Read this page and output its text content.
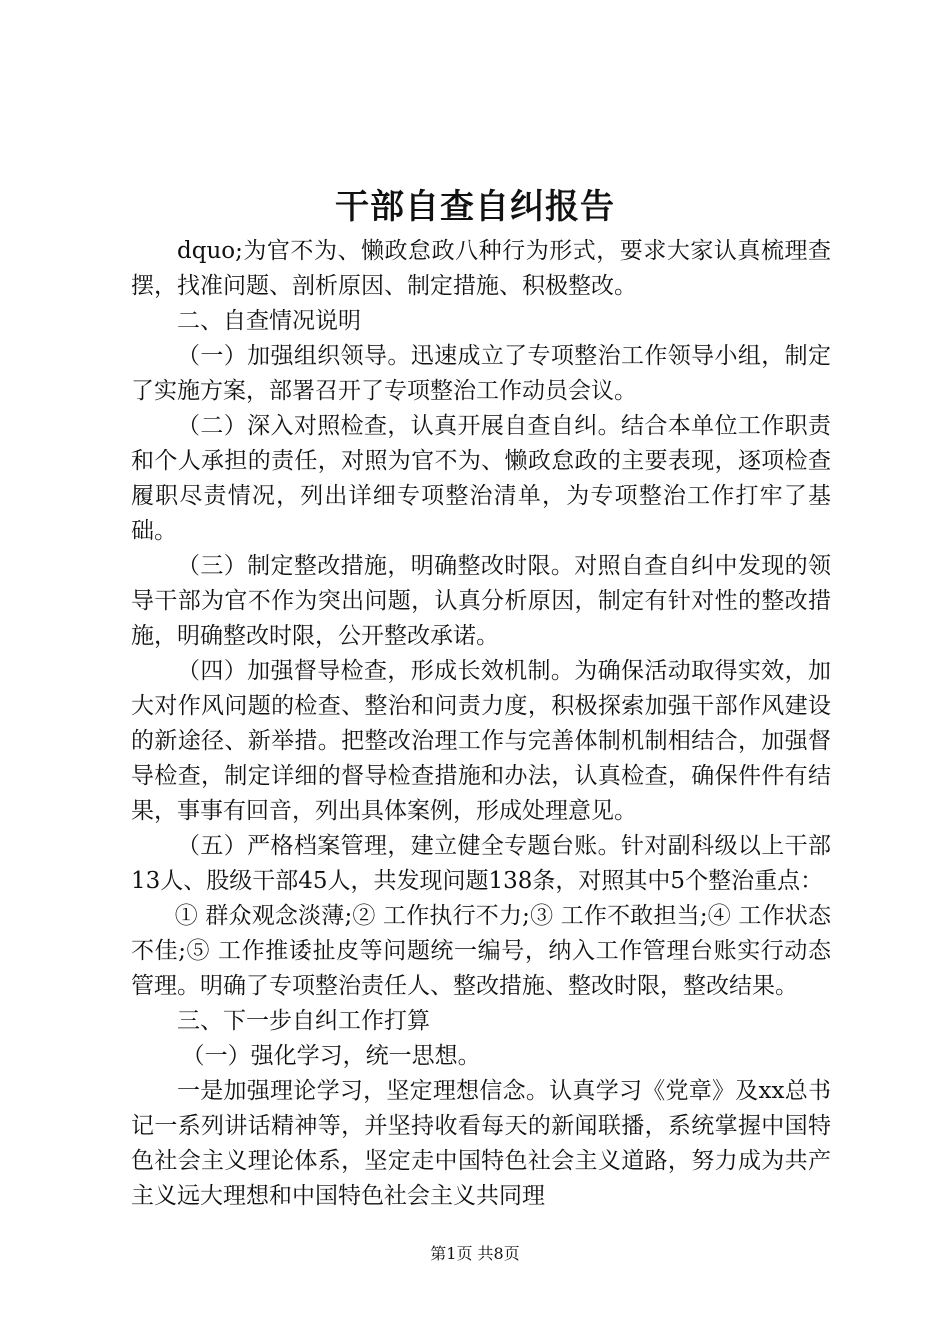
干部自查自纠报告

dquo;为官不为、懒政怠政八种行为形式，要求大家认真梳理查摆，找准问题、剖析原因、制定措施、积极整改。

二、自查情况说明

（一）加强组织领导。迅速成立了专项整治工作领导小组，制定了实施方案，部署召开了专项整治工作动员会议。

（二）深入对照检查，认真开展自查自纠。结合本单位工作职责和个人承担的责任，对照为官不为、懒政怠政的主要表现，逐项检查履职尽责情况，列出详细专项整治清单，为专项整治工作打牢了基础。

（三）制定整改措施，明确整改时限。对照自查自纠中发现的领导干部为官不作为突出问题，认真分析原因，制定有针对性的整改措施，明确整改时限，公开整改承诺。

（四）加强督导检查，形成长效机制。为确保活动取得实效，加大对作风问题的检查、整治和问责力度，积极探索加强干部作风建设的新途径、新举措。把整改治理工作与完善体制机制相结合，加强督导检查，制定详细的督导检查措施和办法，认真检查，确保件件有结果，事事有回音，列出具体案例，形成处理意见。

（五）严格档案管理，建立健全专题台账。针对副科级以上干部13人、股级干部45人，共发现问题138条，对照其中5个整治重点：

① 群众观念淡薄;② 工作执行不力;③ 工作不敢担当;④ 工作状态不佳;⑤ 工作推诿扯皮等问题统一编号，纳入工作管理台账实行动态管理。明确了专项整治责任人、整改措施、整改时限，整改结果。

三、下一步自纠工作打算

（一）强化学习，统一思想。

一是加强理论学习，坚定理想信念。认真学习《党章》及xx总书记一系列讲话精神等，并坚持收看每天的新闻联播，系统掌握中国特色社会主义理论体系，坚定走中国特色社会主义道路，努力成为共产主义远大理想和中国特色社会主义共同理

第1页 共8页
